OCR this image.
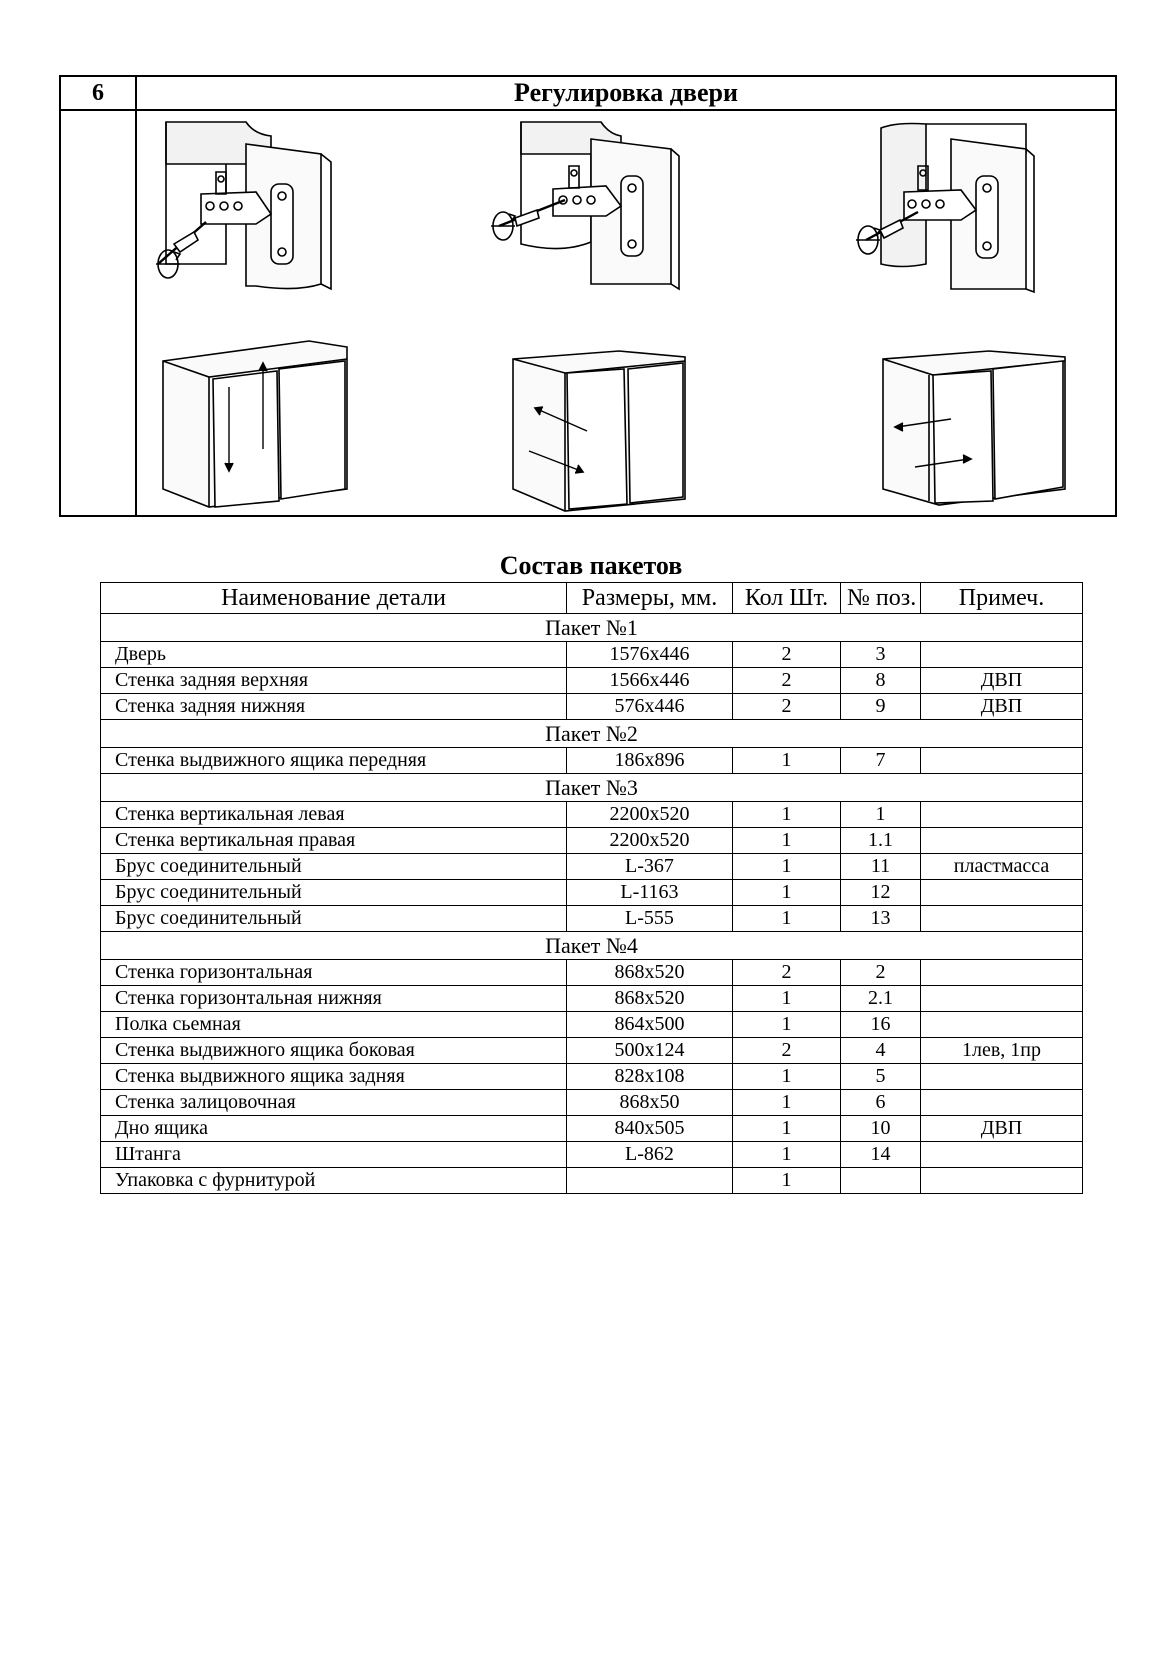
6	Регулировка двери
Состав пакетов
Наименование детали	Размеры, мм.	Кол Шт.	№ поз.	Примеч.
Пакет №1				
Дверь	1576х446	2	3	
Стенка задняя верхняя	1566х446	2	8	ДВП
Стенка задняя нижняя	576х446	2	9	ДВП
Пакет №2				
Стенка выдвижного ящика передняя	186х896	1	7	
Пакет №3				
Стенка вертикальная левая	2200х520	1	1	
Стенка вертикальная правая	2200х520	1	1.1	
Брус соединительный	L-367	1	11	пластмасса
Брус соединительный	L-1163	1	12	
Брус соединительный	L-555	1	13	
Пакет №4				
Стенка горизонтальная	868х520	2	2	
Стенка горизонтальная нижняя	868х520	1	2.1	
Полка сьемная	864х500	1	16	
Стенка выдвижного ящика боковая	500х124	2	4	1лев, 1пр
Стенка выдвижного ящика задняя	828х108	1	5	
Стенка залицовочная	868х50	1	6	
Дно ящика	840х505	1	10	ДВП
Штанга	L-862	1	14	
Упаковка с фурнитурой		1		
